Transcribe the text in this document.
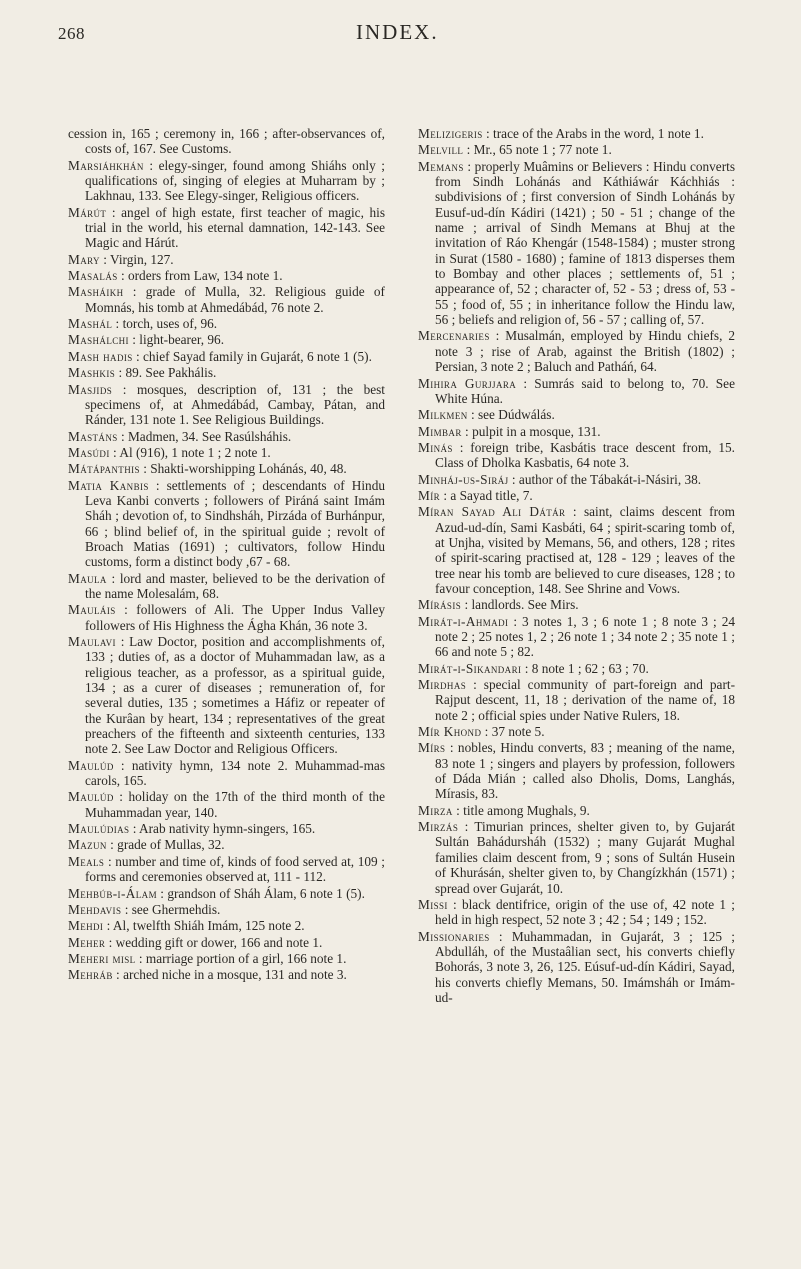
268	INDEX.

cession in, 165 ; ceremony in, 166 ; after-observances of, costs of, 167. See Customs.

Marsiáhkhán : elegy-singer, found among Shiáhs only ; qualifications of, singing of elegies at Muharram by ; Lakhnau, 133. See Elegy-singer, Religious officers.

Márút : angel of high estate, first teacher of magic, his trial in the world, his eternal damnation, 142-143. See Magic and Hárút.

Mary : Virgin, 127.

Masalás : orders from Law, 134 note 1.

Masháikh : grade of Mulla, 32. Religious guide of Momnás, his tomb at Ahmedábád, 76 note 2.

Mashál : torch, uses of, 96.

Mashálchi : light-bearer, 96.

Mash hadis : chief Sayad family in Gujarát, 6 note 1 (5).

Mashkis : 89. See Pakhális.

Masjids : mosques, description of, 131 ; the best specimens of, at Ahmedábád, Cambay, Pátan, and Ránder, 131 note 1. See Religious Buildings.

Mastáns : Madmen, 34. See Rasúlsháhis.

Masúdi : Al (916), 1 note 1 ; 2 note 1.

Mátápanthis : Shakti-worshipping Lohánás, 40, 48.

Matia Kanbis : settlements of ; descendants of Hindu Leva Kanbi converts ; followers of Piráná saint Imám Sháh ; devotion of, to Sindhsháh, Pirzáda of Burhánpur, 66 ; blind belief of, in the spiritual guide ; revolt of Broach Matias (1691) ; cultivators, follow Hindu customs, form a distinct body ,67 - 68.

Maula : lord and master, believed to be the derivation of the name Molesalám, 68.

Mauláis : followers of Ali. The Upper Indus Valley followers of His Highness the Ágha Khán, 36 note 3.

Maulavi : Law Doctor, position and accomplishments of, 133 ; duties of, as a doctor of Muhammadan law, as a religious teacher, as a professor, as a spiritual guide, 134 ; as a curer of diseases ; remuneration of, for several duties, 135 ; sometimes a Háfiz or repeater of the Kurâan by heart, 134 ; representatives of the great preachers of the fifteenth and sixteenth centuries, 133 note 2. See Law Doctor and Religious Officers.

Maulúd : nativity hymn, 134 note 2. Muhammad-mas carols, 165.

Maulúd : holiday on the 17th of the third month of the Muhammadan year, 140.

Maulúdias : Arab nativity hymn-singers, 165.

Mazun : grade of Mullas, 32.

Meals : number and time of, kinds of food served at, 109 ; forms and ceremonies observed at, 111 - 112.

Mehbúb-i-Álam : grandson of Sháh Álam, 6 note 1 (5).

Mehdavis : see Ghermehdis.

Mehdi : Al, twelfth Shiáh Imám, 125 note 2.

Meher : wedding gift or dower, 166 and note 1.

Meheri misl : marriage portion of a girl, 166 note 1.

Mehráb : arched niche in a mosque, 131 and note 3.

Melizigeris : trace of the Arabs in the word, 1 note 1.

Melvill : Mr., 65 note 1 ; 77 note 1.

Memans : properly Muâmins or Believers : Hindu converts from Sindh Lohánás and Káthiáwár Káchhiás : subdivisions of ; first conversion of Sindh Lohánás by Eusuf-ud-dín Kádiri (1421) ; 50 - 51 ; change of the name ; arrival of Sindh Memans at Bhuj at the invitation of Ráo Khengár (1548-1584) ; muster strong in Surat (1580 - 1680) ; famine of 1813 disperses them to Bombay and other places ; settlements of, 51 ; appearance of, 52 ; character of, 52 - 53 ; dress of, 53 - 55 ; food of, 55 ; in inheritance follow the Hindu law, 56 ; beliefs and religion of, 56 - 57 ; calling of, 57.

Mercenaries : Musalmán, employed by Hindu chiefs, 2 note 3 ; rise of Arab, against the British (1802) ; Persian, 3 note 2 ; Baluch and Patháń, 64.

Mihira Gurjjara : Sumrás said to belong to, 70. See White Húna.

Milkmen : see Dúdwálás.

Mimbar : pulpit in a mosque, 131.

Minás : foreign tribe, Kasbátis trace descent from, 15. Class of Dholka Kasbatis, 64 note 3.

Minháj-us-Siráj : author of the Tábakát-i-Násiri, 38.

Mír : a Sayad title, 7.

Míran Sayad Ali Dátár : saint, claims descent from Azud-ud-dín, Sami Kasbáti, 64 ; spirit-scaring tomb of, at Unjha, visited by Memans, 56, and others, 128 ; rites of spirit-scaring practised at, 128 - 129 ; leaves of the tree near his tomb are believed to cure diseases, 128 ; to favour conception, 148. See Shrine and Vows.

Mírásis : landlords. See Mirs.

Mirát-i-Ahmadi : 3 notes 1, 3 ; 6 note 1 ; 8 note 3 ; 24 note 2 ; 25 notes 1, 2 ; 26 note 1 ; 34 note 2 ; 35 note 1 ; 66 and note 5 ; 82.

Mirát-i-Sikandari : 8 note 1 ; 62 ; 63 ; 70.

Mirdhas : special community of part-foreign and part-Rajput descent, 11, 18 ; derivation of the name of, 18 note 2 ; official spies under Native Rulers, 18.

Mír Khond : 37 note 5.

Mírs : nobles, Hindu converts, 83 ; meaning of the name, 83 note 1 ; singers and players by profession, followers of Dáda Mián ; called also Dholis, Doms, Langhás, Mírasis, 83.

Mirza : title among Mughals, 9.

Mirzás : Timurian princes, shelter given to, by Gujarát Sultán Bahádursháh (1532) ; many Gujarát Mughal families claim descent from, 9 ; sons of Sultán Husein of Khurásán, shelter given to, by Changízkhán (1571) ; spread over Gujarát, 10.

Missi : black dentifrice, origin of the use of, 42 note 1 ; held in high respect, 52 note 3 ; 42 ; 54 ; 149 ; 152.

Missionaries : Muhammadan, in Gujarát, 3 ; 125 ; Abdulláh, of the Mustaâlian sect, his converts chiefly Bohorás, 3 note 3, 26, 125. Eúsuf-ud-dín Kádiri, Sayad, his converts chiefly Memans, 50. Imámsháh or Imám-ud-
